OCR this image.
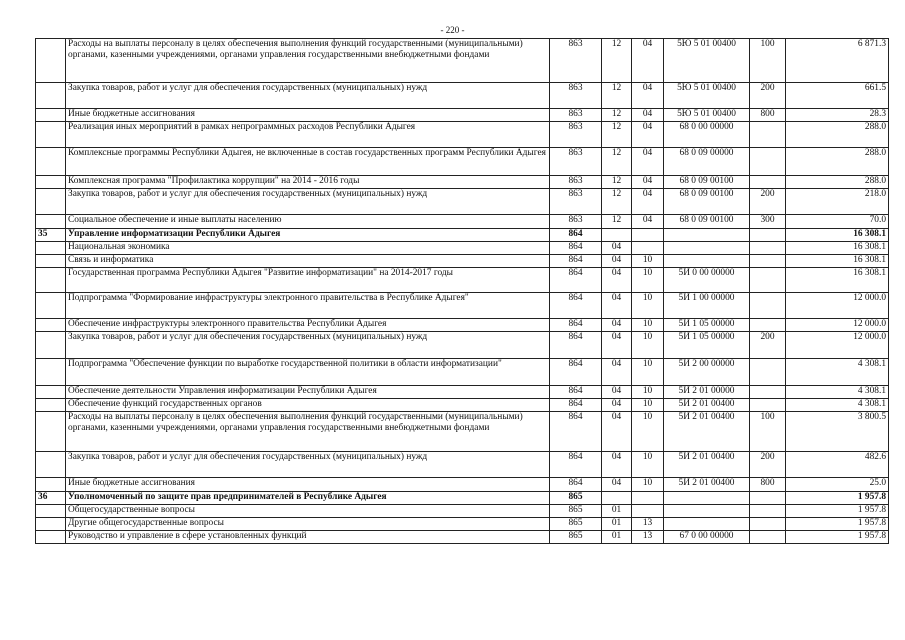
- 220 -
	Расходы на выплаты персоналу в целях обеспечения выполнения функций государственными (муниципальными) органами, казенными учреждениями, органами управления государственными внебюджетными фондами	863	12	04	5Ю 5 01 00400	100	6 871.3
	Закупка товаров, работ и услуг для обеспечения государственных (муниципальных) нужд	863	12	04	5Ю 5 01 00400	200	661.5
	Иные бюджетные ассигнования	863	12	04	5Ю 5 01 00400	800	28.3
	Реализация иных мероприятий в рамках непрограммных расходов Республики Адыгея	863	12	04	68 0 00 00000		288.0
	Комплексные программы Республики Адыгея, не включенные в состав государственных программ Республики Адыгея	863	12	04	68 0 09 00000		288.0
	Комплексная программа "Профилактика коррупции" на 2014 - 2016 годы	863	12	04	68 0 09 00100		288.0
	Закупка товаров, работ и услуг для обеспечения государственных (муниципальных) нужд	863	12	04	68 0 09 00100	200	218.0
	Социальное обеспечение и иные выплаты населению	863	12	04	68 0 09 00100	300	70.0
35	Управление информатизации Республики Адыгея	864					16 308.1
	Национальная экономика	864	04				16 308.1
	Связь и информатика	864	04	10			16 308.1
	Государственная программа Республики Адыгея "Развитие информатизации" на 2014-2017 годы	864	04	10	5И 0 00 00000		16 308.1
	Подпрограмма "Формирование инфраструктуры электронного правительства в Республике Адыгея"	864	04	10	5И 1 00 00000		12 000.0
	Обеспечение инфраструктуры электронного правительства Республики Адыгея	864	04	10	5И 1 05 00000		12 000.0
	Закупка товаров, работ и услуг для обеспечения государственных (муниципальных) нужд	864	04	10	5И 1 05 00000	200	12 000.0
	Подпрограмма "Обеспечение функции по выработке государственной политики в области информатизации"	864	04	10	5И 2 00 00000		4 308.1
	Обеспечение деятельности Управления информатизации Республики Адыгея	864	04	10	5И 2 01 00000		4 308.1
	Обеспечение функций государственных органов	864	04	10	5И 2 01 00400		4 308.1
	Расходы на выплаты персоналу в целях обеспечения выполнения функций государственными (муниципальными) органами, казенными учреждениями, органами управления государственными внебюджетными фондами	864	04	10	5И 2 01 00400	100	3 800.5
	Закупка товаров, работ и услуг для обеспечения государственных (муниципальных) нужд	864	04	10	5И 2 01 00400	200	482.6
	Иные бюджетные ассигнования	864	04	10	5И 2 01 00400	800	25.0
36	Уполномоченный по защите прав предпринимателей в Республике Адыгея	865					1 957.8
	Общегосударственные вопросы	865	01				1 957.8
	Другие общегосударственные вопросы	865	01	13			1 957.8
	Руководство и управление в сфере установленных функций	865	01	13	67 0 00 00000		1 957.8
